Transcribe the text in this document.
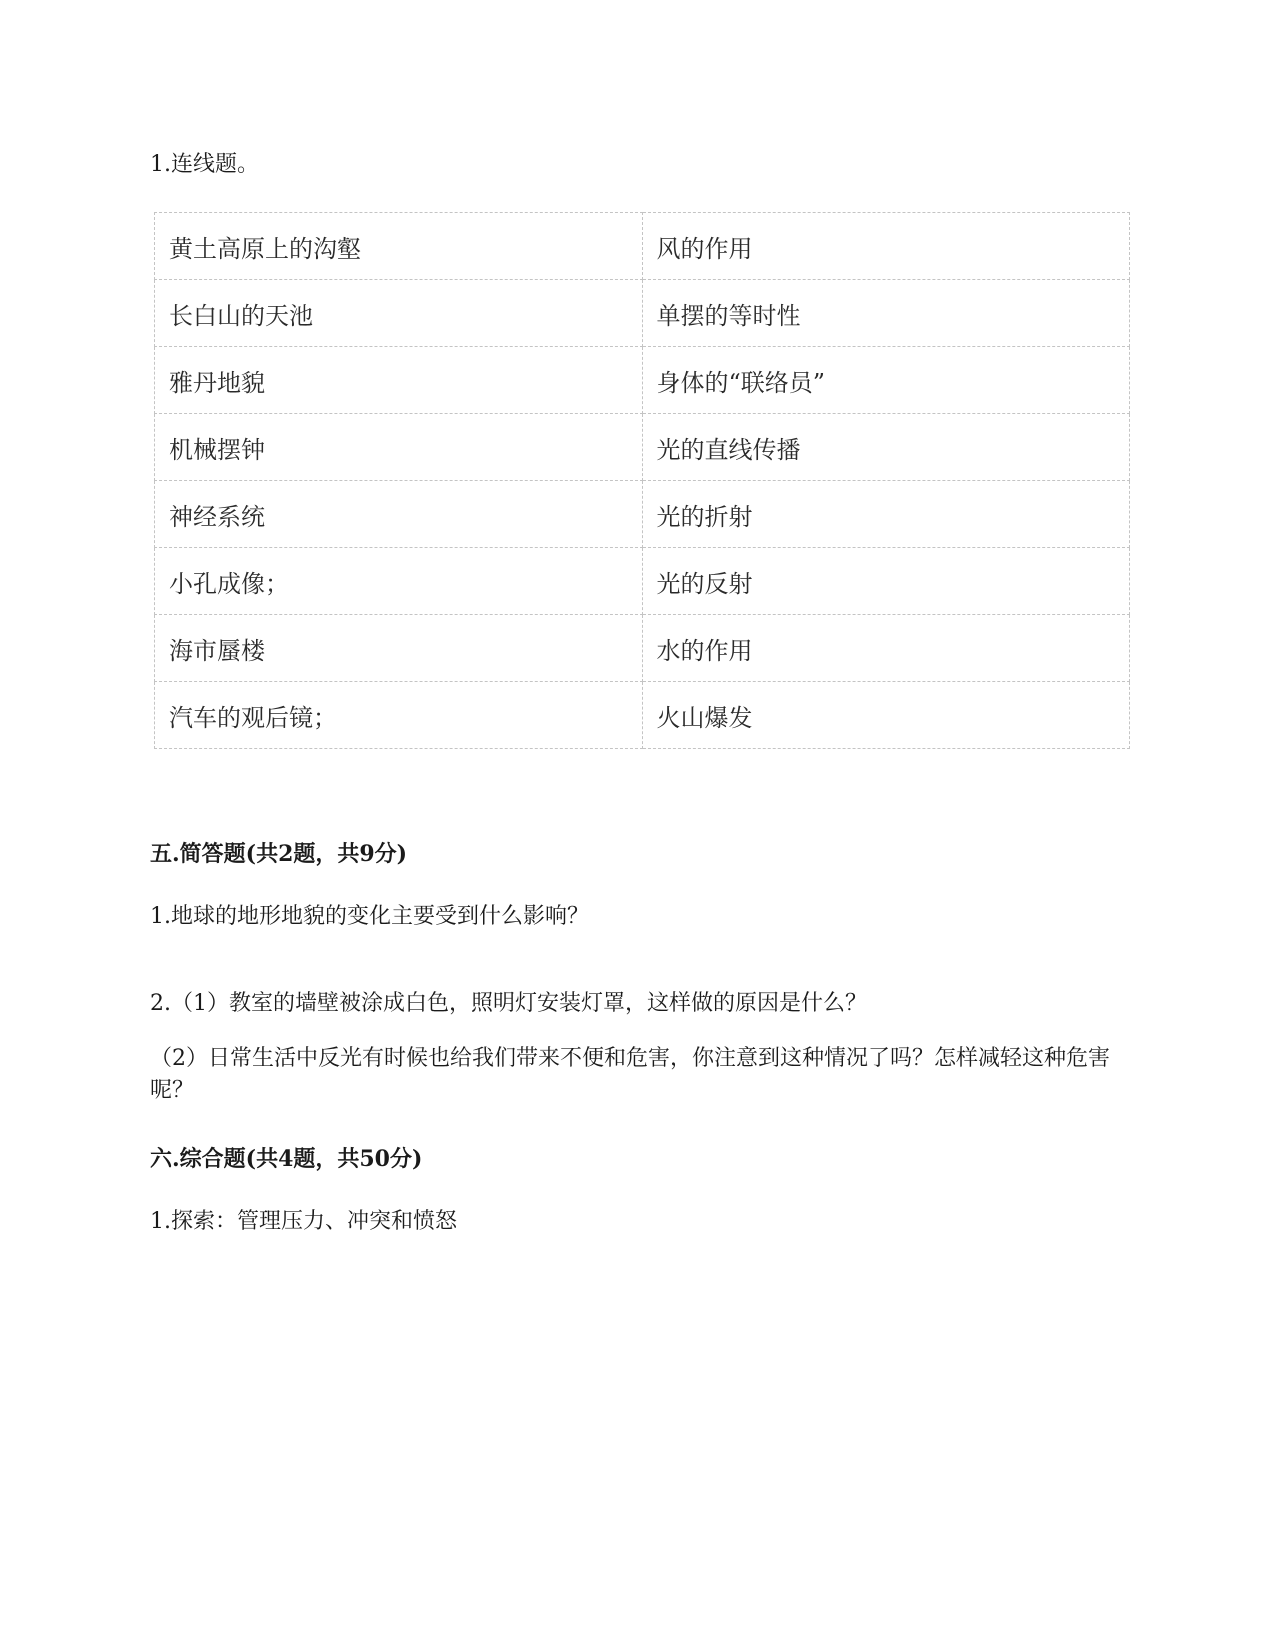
1.连线题。
黄土高原上的沟壑	风的作用
长白山的天池	单摆的等时性
雅丹地貌	身体的“联络员”
机械摆钟	光的直线传播
神经系统	光的折射
小孔成像；	光的反射
海市蜃楼	水的作用
汽车的观后镜；	火山爆发
五.简答题(共2题，共9分)
1.地球的地形地貌的变化主要受到什么影响？
2.（1）教室的墙壁被涂成白色，照明灯安装灯罩，这样做的原因是什么？
（2）日常生活中反光有时候也给我们带来不便和危害，你注意到这种情况了吗？怎样减轻这种危害呢？
六.综合题(共4题，共50分)
1.探索：管理压力、冲突和愤怒
